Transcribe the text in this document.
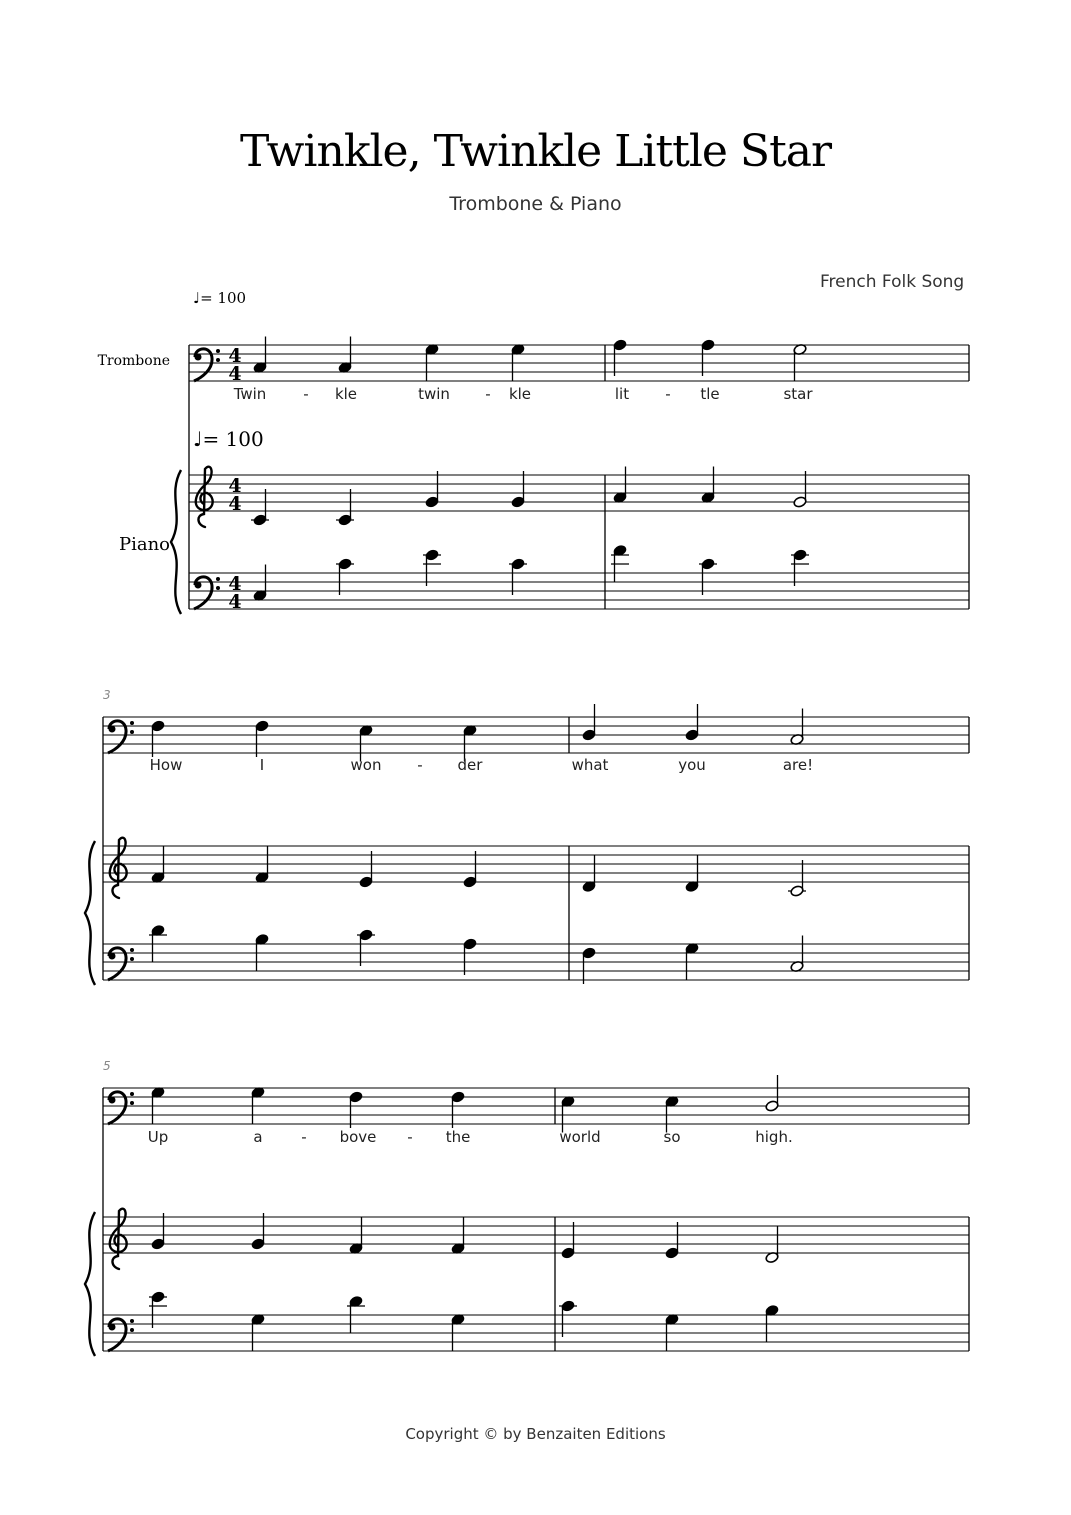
Twinkle, Twinkle Little Star
Trombone & Piano
French Folk Song
♩= 100
♩= 100
4
4
4
4
4
4
Twin - kle	twin - kle	lit - tle	star
3
How	I	won - der	what	you	are!
5
Up	a	- bove - the	world	so	high.
Trombone
Piano
Copyright © by Benzaiten Editions
